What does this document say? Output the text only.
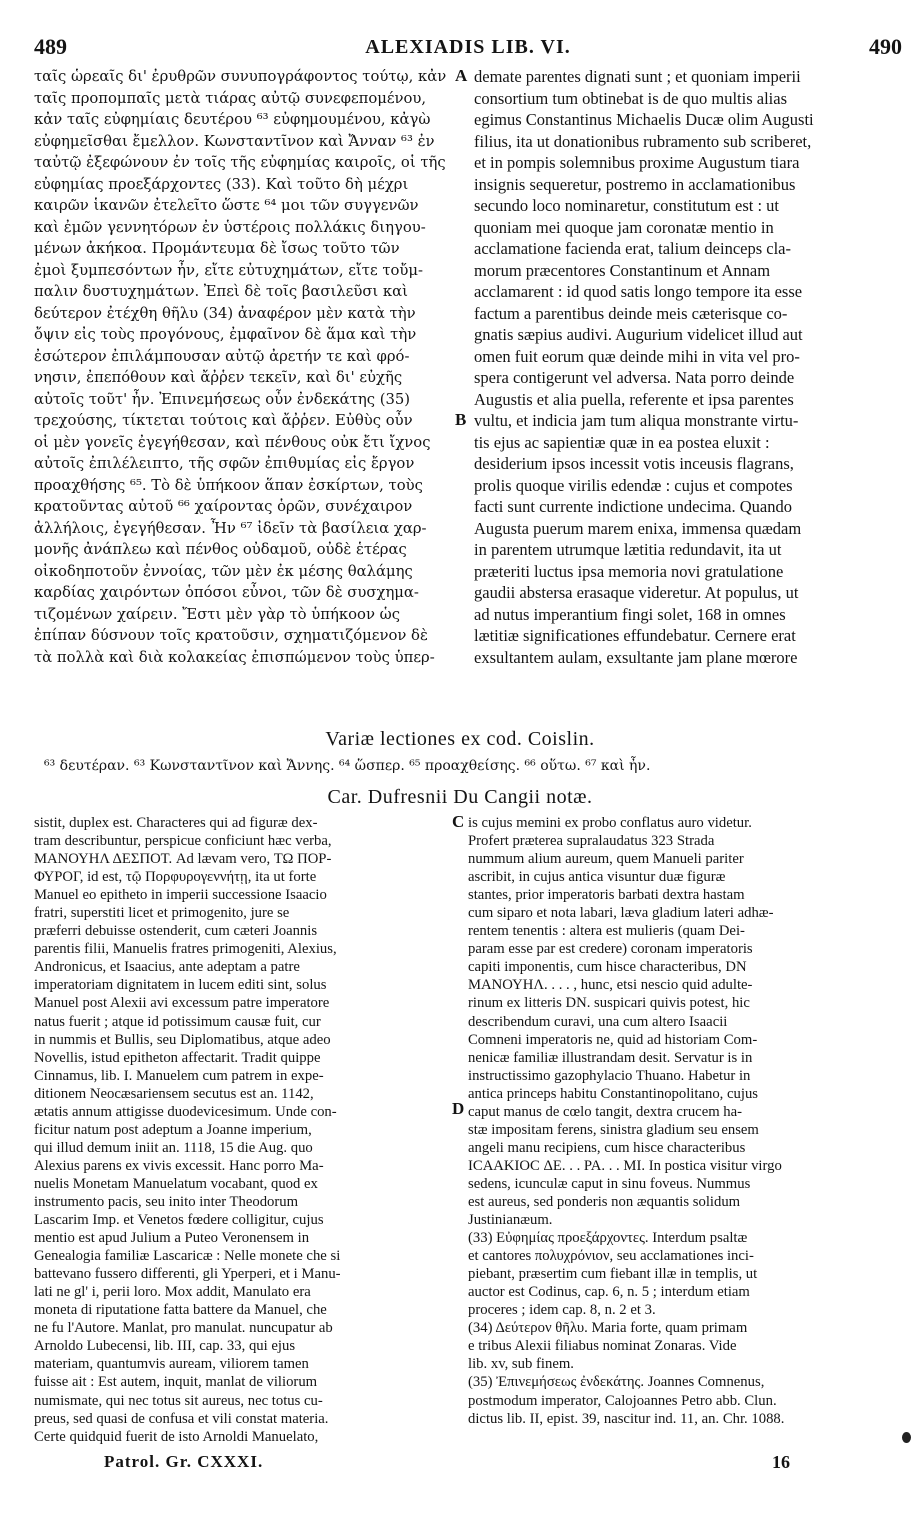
ALEXIADIS LIB. VI.
489	490
ταῖς ὡρεαῖς δι' ἐρυθρῶν συνυπογράφοντος τούτῳ, κἀν
ταῖς προπομπαῖς μετὰ τιάρας αὐτῷ συνεφεπομένου,
κἀν ταῖς εὐφημίαις δευτέρου ⁶³ εὐφημουμένου, κἀγὼ
εὐφημεῖσθαι ἔμελλον. Κωνσταντῖνον καὶ Ἄνναν ⁶³ ἐν
ταὐτῷ ἐξεφώνουν ἐν τοῖς τῆς εὐφημίας καιροῖς, οἱ τῆς
εὐφημίας προεξάρχοντες (33). Καὶ τοῦτο δὴ μέχρι
καιρῶν ἱκανῶν ἐτελεῖτο ὥστε ⁶⁴ μοι τῶν συγγενῶν
καὶ ἐμῶν γεννητόρων ἐν ὑστέροις πολλάκις διηγου-
μένων ἀκήκοα. Προμάντευμα δὲ ἴσως τοῦτο τῶν
ἐμοὶ ξυμπεσόντων ἦν, εἴτε εὐτυχημάτων, εἴτε τοὔμ-
παλιν δυστυχημάτων. Ἐπεὶ δὲ τοῖς βασιλεῦσι καὶ
δεύτερον ἐτέχθη θῆλυ (34) ἀναφέρον μὲν κατὰ τὴν
ὄψιν εἰς τοὺς προγόνους, ἐμφαῖνον δὲ ἅμα καὶ τὴν
ἐσώτερον ἐπιλάμπουσαν αὐτῷ ἀρετήν τε καὶ φρό-
νησιν, ἐπεπόθουν καὶ ἄῤῥεν τεκεῖν, καὶ δι' εὐχῆς
αὐτοῖς τοῦτ' ἦν. Ἐπινεμήσεως οὖν ἐνδεκάτης (35)
τρεχούσης, τίκτεται τούτοις καὶ ἄῤῥεν. Εὐθὺς οὖν
οἱ μὲν γονεῖς ἐγεγήθεσαν, καὶ πένθους οὐκ ἔτι ἴχνος
αὐτοῖς ἐπιλέλειπτο, τῆς σφῶν ἐπιθυμίας εἰς ἔργον
προαχθήσης ⁶⁵. Τὸ δὲ ὑπήκοον ἅπαν ἐσκίρτων, τοὺς
κρατοῦντας αὐτοῦ ⁶⁶ χαίροντας ὁρῶν, συνέχαιρον
ἀλλήλοις, ἐγεγήθεσαν. Ἦν ⁶⁷ ἰδεῖν τὰ βασίλεια χαρ-
μονῆς ἀνάπλεω καὶ πένθος οὐδαμοῦ, οὐδὲ ἑτέρας
οἰκοδηποτοῦν ἐννοίας, τῶν μὲν ἐκ μέσης θαλάμης
καρδίας χαιρόντων ὁπόσοι εὖνοι, τῶν δὲ συσχημα-
τιζομένων χαίρειν. Ἔστι μὲν γὰρ τὸ ὑπήκοον ὡς
ἐπίπαν δύσνουν τοῖς κρατοῦσιν, σχηματιζόμενον δὲ
τὰ πολλὰ καὶ διὰ κολακείας ἐπισπώμενον τοὺς ὑπερ-
demate parentes dignati sunt ; et quoniam imperii
consortium tum obtinebat is de quo multis alias
egimus Constantinus Michaelis Ducæ olim Augusti
filius, ita ut donationibus rubramento sub scriberet,
et in pompis solemnibus proxime Augustum tiara
insignis sequeretur, postremo in acclamationibus
secundo loco nominaretur, constitutum est : ut
quoniam mei quoque jam coronatæ mentio in
acclamatione facienda erat, talium deinceps cla-
morum præcentores Constantinum et Annam
acclamarent : id quod satis longo tempore ita esse
factum a parentibus deinde meis cæterisque co-
gnatis sæpius audivi. Augurium videlicet illud aut
omen fuit eorum quæ deinde mihi in vita vel pro-
spera contigerunt vel adversa. Nata porro deinde
Augustis et alia puella, referente et ipsa parentes
vultu, et indicia jam tum aliqua monstrante virtu-
tis ejus ac sapientiæ quæ in ea postea eluxit :
desiderium ipsos incessit votis inceusis flagrans,
prolis quoque virilis edendæ : cujus et compotes
facti sunt currente indictione undecima. Quando
Augusta puerum marem enixa, immensa quædam
in parentem utrumque lætitia redundavit, ita ut
præteriti luctus ipsa memoria novi gratulatione
gaudii abstersa erasaque videretur. At populus, ut
ad nutus imperantium fingi solet, 168 in omnes
lætitiæ significationes effundebatur. Cernere erat
exsultantem aulam, exsultante jam plane mœrore
A
B
C
D
Variæ lectiones ex cod. Coislin.
⁶³ δευτέραν. ⁶³ Κωνσταντῖνον καὶ Ἄννης. ⁶⁴ ὥσπερ. ⁶⁵ προαχθείσης. ⁶⁶ οὕτω. ⁶⁷ καὶ ἦν.
Car. Dufresnii Du Cangii notæ.
sistit, duplex est. Characteres qui ad figuræ dex-
tram describuntur, perspicue conficiunt hæc verba,
ΜΑΝΟΥΗΛ ΔΕΣΠΟΤ. Ad lævam vero, ΤΩ ΠΟΡ-
ΦΥΡΟΓ, id est, τῷ Πορφυρογεννήτῃ, ita ut forte
Manuel eo epitheto in imperii successione Isaacio
fratri, superstiti licet et primogenito, jure se
præferri debuisse ostenderit, cum cæteri Joannis
parentis filii, Manuelis fratres primogeniti, Alexius,
Andronicus, et Isaacius, ante adeptam a patre
imperatoriam dignitatem in lucem editi sint, solus
Manuel post Alexii avi excessum patre imperatore
natus fuerit ; atque id potissimum causæ fuit, cur
in nummis et Bullis, seu Diplomatibus, atque adeo
Novellis, istud epitheton affectarit. Tradit quippe
Cinnamus, lib. I. Manuelem cum patrem in expe-
ditionem Neocæsariensem secutus est an. 1142,
ætatis annum attigisse duodevicesimum. Unde con-
ficitur natum post adeptum a Joanne imperium,
qui illud demum iniit an. 1118, 15 die Aug. quo
Alexius parens ex vivis excessit. Hanc porro Ma-
nuelis Monetam Manuelatum vocabant, quod ex
instrumento pacis, seu inito inter Theodorum
Lascarim Imp. et Venetos fœdere colligitur, cujus
mentio est apud Julium a Puteo Veronensem in
Genealogia familiæ Lascaricæ : Nelle monete che si
battevano fussero differenti, gli Yperperi, et i Manu-
lati ne gl' i, perii loro. Mox addit, Manulato era
moneta di riputatione fatta battere da Manuel, che
ne fu l'Autore. Manlat, pro manulat. nuncupatur ab
Arnoldo Lubecensi, lib. III, cap. 33, qui ejus
materiam, quantumvis auream, viliorem tamen
fuisse ait : Est autem, inquit, manlat de viliorum
numismate, qui nec totus sit aureus, nec totus cu-
preus, sed quasi de confusa et vili constat materia.
Certe quidquid fuerit de isto Arnoldi Manuelato,
is cujus memini ex probo conflatus auro videtur.
Profert præterea supralaudatus 323 Strada
nummum alium aureum, quem Manueli pariter
ascribit, in cujus antica visuntur duæ figuræ
stantes, prior imperatoris barbati dextra hastam
cum siparo et nota labari, læva gladium lateri adhæ-
rentem tenentis : altera est mulieris (quam Dei-
param esse par est credere) coronam imperatoris
capiti imponentis, cum hisce characteribus, DN
ΜΑΝΟΥΗΛ. . . . , hunc, etsi nescio quid adulte-
rinum ex litteris DN. suspicari quivis potest, hic
describendum curavi, una cum altero Isaacii
Comneni imperatoris ne, quid ad historiam Com-
nenicæ familiæ illustrandam desit. Servatur is in
instructissimo gazophylacio Thuano. Habetur in
antica princeps habitu Constantinopolitano, cujus
caput manus de cœlo tangit, dextra crucem ha-
stæ impositam ferens, sinistra gladium seu ensem
angeli manu recipiens, cum hisce characteribus
ΙCΑΑΚΙΟC ΔΕ. . . ΡΑ. . . ΜΙ. In postica visitur virgo
sedens, icunculæ caput in sinu foveus. Nummus
est aureus, sed ponderis non æquantis solidum
Justinianæum.
(33) Εὐφημίας προεξάρχοντες. Interdum psaltæ
et cantores πολυχρόνιον, seu acclamationes inci-
piebant, præsertim cum fiebant illæ in templis, ut
auctor est Codinus, cap. 6, n. 5 ; interdum etiam
proceres ; idem cap. 8, n. 2 et 3.
(34) Δεύτερον θῆλυ. Maria forte, quam primam
e tribus Alexii filiabus nominat Zonaras. Vide
lib. xv, sub finem.
(35) Ἐπινεμήσεως ἐνδεκάτης. Joannes Comnenus,
postmodum imperator, Calojoannes Petro abb. Clun.
dictus lib. II, epist. 39, nascitur ind. 11, an. Chr. 1088.
Patrol. Gr. CXXXI.	16
